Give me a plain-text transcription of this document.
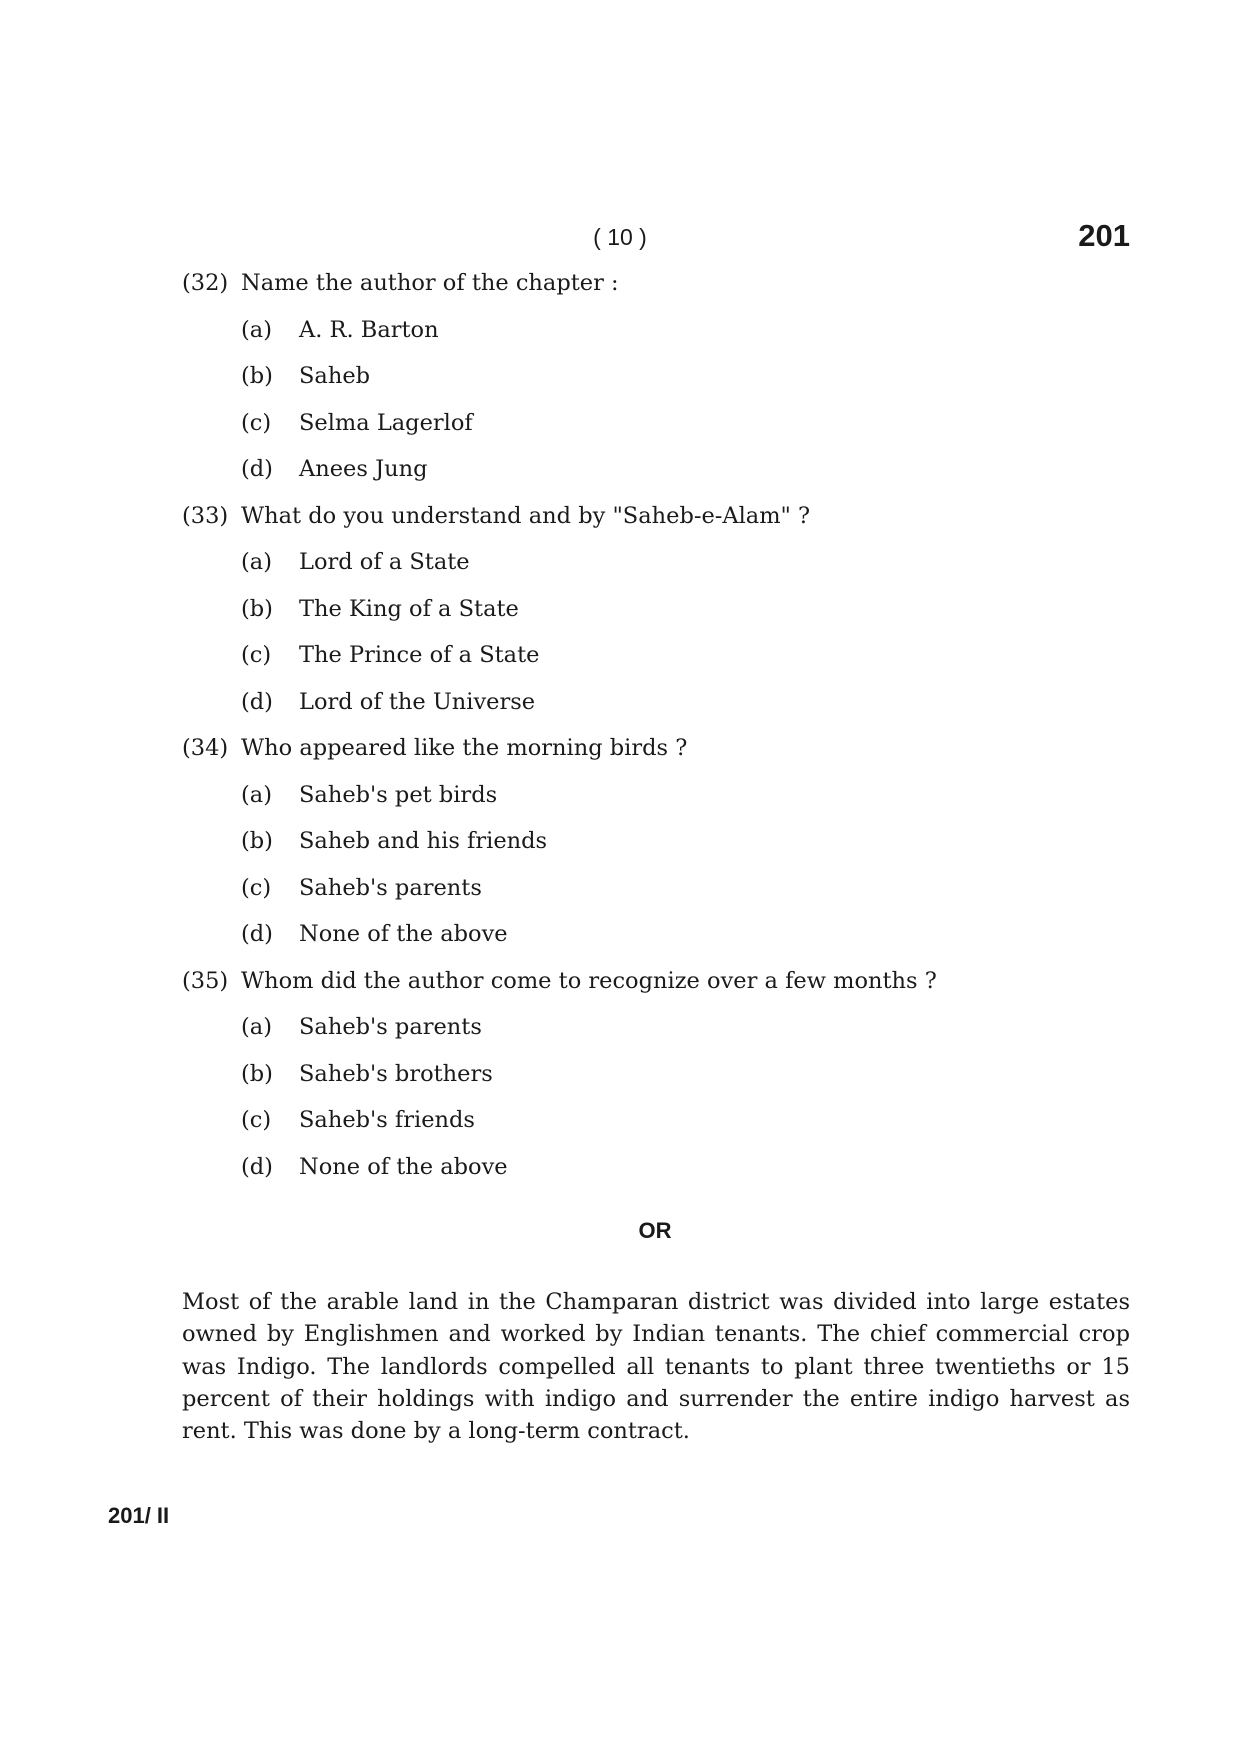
( 10 )	201
(32) Name the author of the chapter :
(a)	A. R. Barton
(b)	Saheb
(c)	Selma Lagerlof
(d)	Anees Jung
(33) What do you understand and by "Saheb-e-Alam" ?
(a)	Lord of a State
(b)	The King of a State
(c)	The Prince of a State
(d)	Lord of the Universe
(34) Who appeared like the morning birds ?
(a)	Saheb's pet birds
(b)	Saheb and his friends
(c)	Saheb's parents
(d)	None of the above
(35) Whom did the author come to recognize over a few months ?
(a)	Saheb's parents
(b)	Saheb's brothers
(c)	Saheb's friends
(d)	None of the above
OR

Most of the arable land in the Champaran district was divided into large estates owned by Englishmen and worked by Indian tenants. The chief commercial crop was Indigo. The landlords compelled all tenants to plant three twentieths or 15 percent of their holdings with indigo and surrender the entire indigo harvest as rent. This was done by a long-term contract.

201/ II
